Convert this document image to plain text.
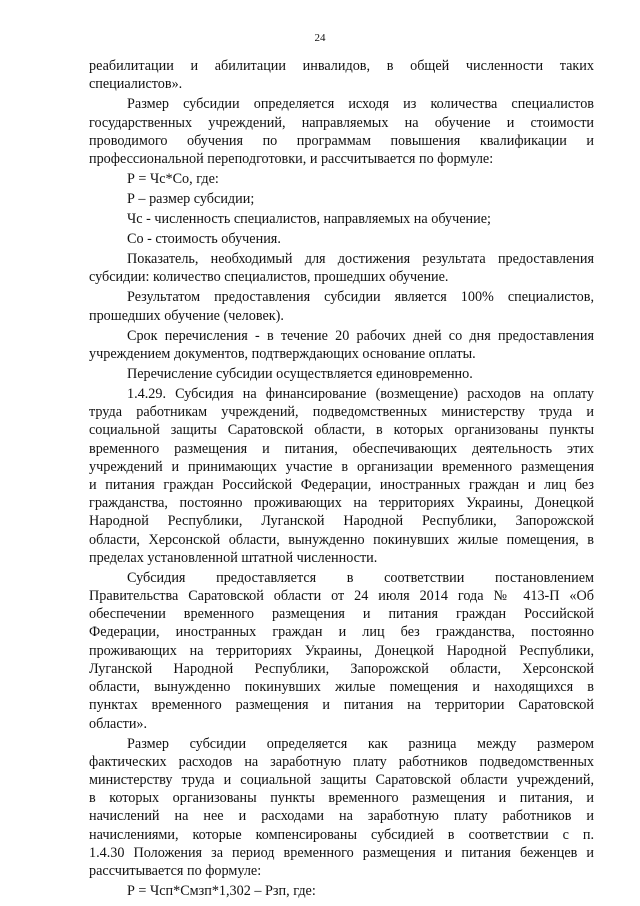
24
реабилитации и абилитации инвалидов, в общей численности таких
специалистов».
Размер субсидии определяется исходя из количества специалистов
государственных учреждений, направляемых на обучение и стоимости
проводимого обучения по программам повышения квалификации и
профессиональной переподготовки, и рассчитывается по формуле:
Р = Чс*Со, где:
Р – размер субсидии;
Чс - численность специалистов, направляемых на обучение;
Со - стоимость обучения.
Показатель, необходимый для достижения результата предоставления
субсидии: количество специалистов, прошедших обучение.
Результатом предоставления субсидии является 100% специалистов,
прошедших обучение (человек).
Срок перечисления - в течение 20 рабочих дней со дня предоставления
учреждением документов, подтверждающих основание оплаты.
Перечисление субсидии осуществляется единовременно.
1.4.29. Субсидия на финансирование (возмещение) расходов на оплату
труда работникам учреждений, подведомственных министерству труда и
социальной защиты Саратовской области, в которых организованы пункты
временного размещения и питания, обеспечивающих деятельность этих
учреждений и принимающих участие в организации временного размещения
и питания граждан Российской Федерации, иностранных граждан и лиц без
гражданства, постоянно проживающих на территориях Украины, Донецкой
Народной Республики, Луганской Народной Республики, Запорожской
области, Херсонской области, вынужденно покинувших жилые помещения, в
пределах установленной штатной численности.
Субсидия предоставляется в соответствии постановлением
Правительства Саратовской области от 24 июля 2014 года № 413-П «Об
обеспечении временного размещения и питания граждан Российской
Федерации, иностранных граждан и лиц без гражданства, постоянно
проживающих на территориях Украины, Донецкой Народной Республики,
Луганской Народной Республики, Запорожской области, Херсонской
области, вынужденно покинувших жилые помещения и находящихся в
пунктах временного размещения и питания на территории Саратовской
области».
Размер субсидии определяется как разница между размером
фактических расходов на заработную плату работников подведомственных
министерству труда и социальной защиты Саратовской области учреждений,
в которых организованы пункты временного размещения и питания, и
начислений на нее и расходами на заработную плату работников и
начислениями, которые компенсированы субсидией в соответствии с п.
1.4.30 Положения за период временного размещения и питания беженцев и
рассчитывается по формуле:
Р = Чсп*Смзп*1,302 – Рзп, где:
